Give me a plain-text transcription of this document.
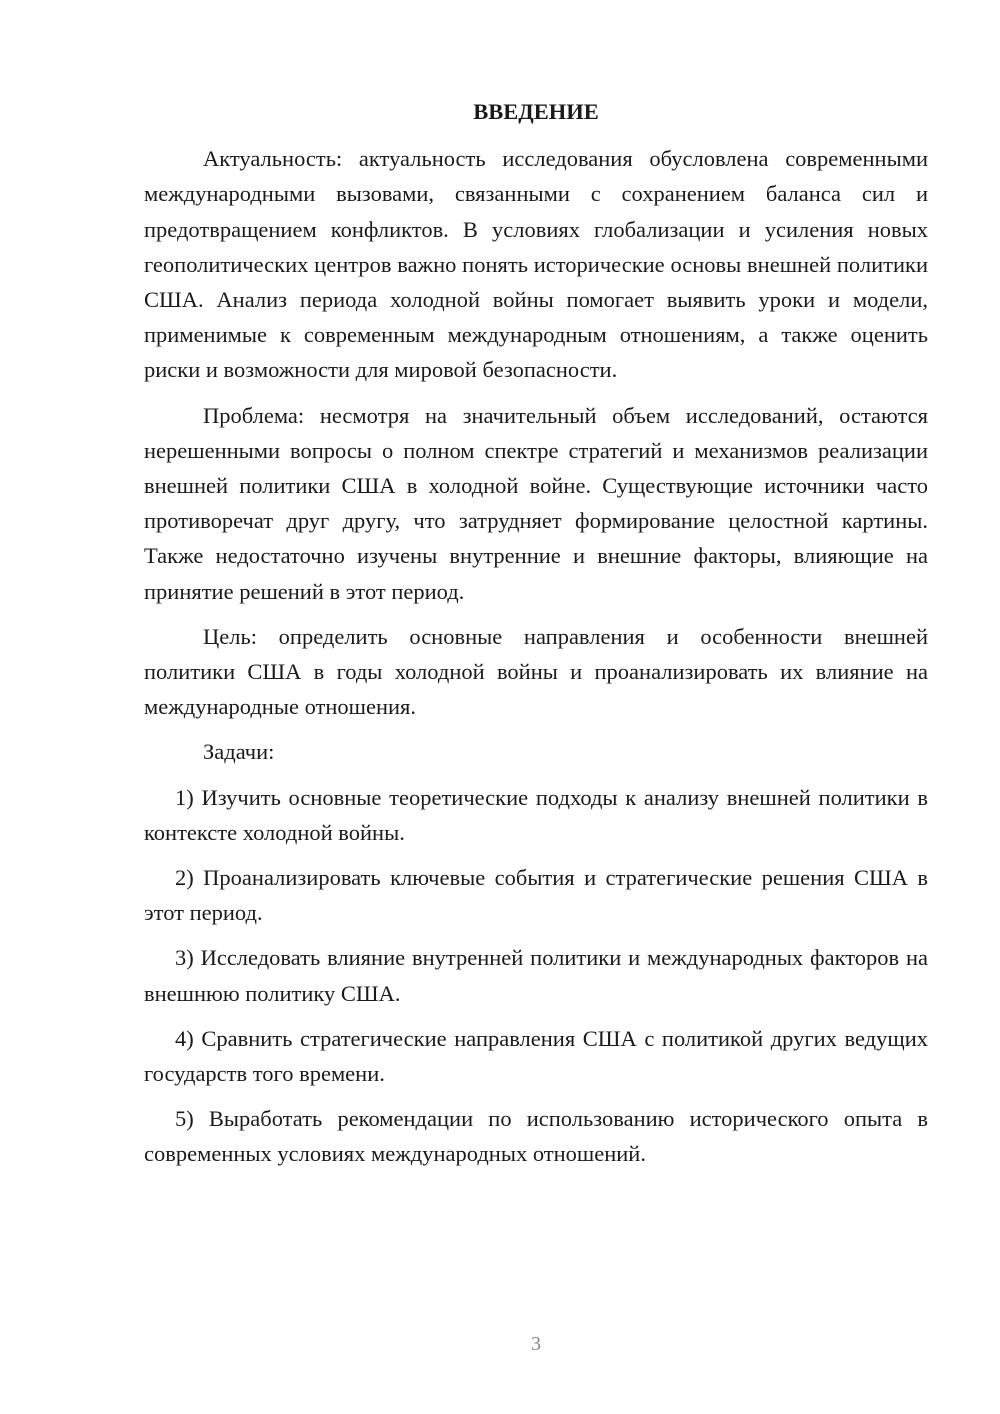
ВВЕДЕНИЕ

Актуальность: актуальность исследования обусловлена современными международными вызовами, связанными с сохранением баланса сил и предотвращением конфликтов. В условиях глобализации и усиления новых геополитических центров важно понять исторические основы внешней политики США. Анализ периода холодной войны помогает выявить уроки и модели, применимые к современным международным отношениям, а также оценить риски и возможности для мировой безопасности.

Проблема: несмотря на значительный объем исследований, остаются нерешенными вопросы о полном спектре стратегий и механизмов реализации внешней политики США в холодной войне. Существующие источники часто противоречат друг другу, что затрудняет формирование целостной картины. Также недостаточно изучены внутренние и внешние факторы, влияющие на принятие решений в этот период.

Цель: определить основные направления и особенности внешней политики США в годы холодной войны и проанализировать их влияние на международные отношения.

Задачи:

1) Изучить основные теоретические подходы к анализу внешней политики в контексте холодной войны.

2) Проанализировать ключевые события и стратегические решения США в этот период.

3) Исследовать влияние внутренней политики и международных факторов на внешнюю политику США.

4) Сравнить стратегические направления США с политикой других ведущих государств того времени.

5) Выработать рекомендации по использованию исторического опыта в современных условиях международных отношений.

3
